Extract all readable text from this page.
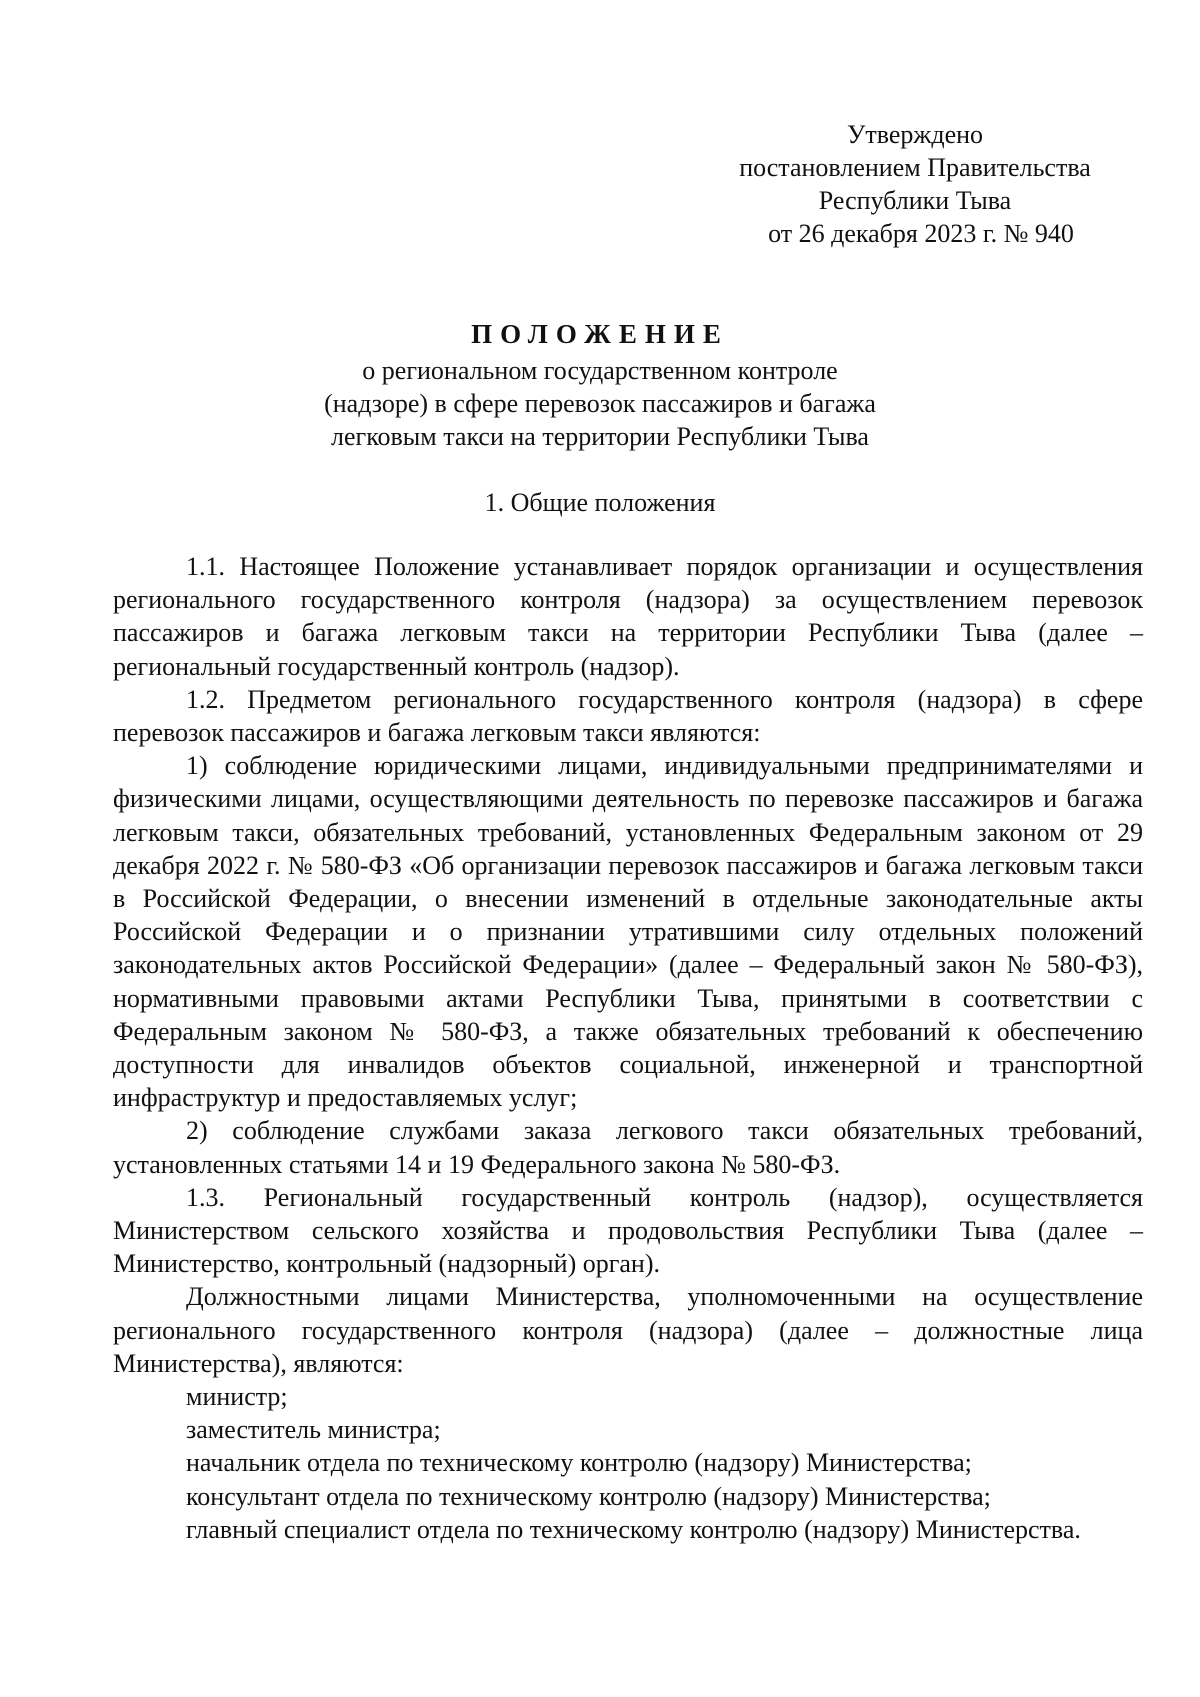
Утверждено
постановлением Правительства
Республики Тыва
от 26 декабря 2023 г. № 940
ПОЛОЖЕНИЕ
о региональном государственном контроле
(надзоре) в сфере перевозок пассажиров и багажа
легковым такси на территории Республики Тыва
1. Общие положения

1.1. Настоящее Положение устанавливает порядок организации и осуществления регионального государственного контроля (надзора) за осуществлением перевозок пассажиров и багажа легковым такси на территории Республики Тыва (далее – региональный государственный контроль (надзор).

1.2. Предметом регионального государственного контроля (надзора) в сфере перевозок пассажиров и багажа легковым такси являются:

1) соблюдение юридическими лицами, индивидуальными предпринимателями и физическими лицами, осуществляющими деятельность по перевозке пассажиров и багажа легковым такси, обязательных требований, установленных Федеральным законом от 29 декабря 2022 г. № 580-ФЗ «Об организации перевозок пассажиров и багажа легковым такси в Российской Федерации, о внесении изменений в отдельные законодательные акты Российской Федерации и о признании утратившими силу отдельных положений законодательных актов Российской Федерации» (далее – Федеральный закон № 580-ФЗ), нормативными правовыми актами Республики Тыва, принятыми в соответствии с Федеральным законом № 580-ФЗ, а также обязательных требований к обеспечению доступности для инвалидов объектов социальной, инженерной и транспортной инфраструктур и предоставляемых услуг;

2) соблюдение службами заказа легкового такси обязательных требований, установленных статьями 14 и 19 Федерального закона № 580-ФЗ.

1.3. Региональный государственный контроль (надзор), осуществляется Министерством сельского хозяйства и продовольствия Республики Тыва (далее – Министерство, контрольный (надзорный) орган).

Должностными лицами Министерства, уполномоченными на осуществление регионального государственного контроля (надзора) (далее – должностные лица Министерства), являются:

министр;

заместитель министра;

начальник отдела по техническому контролю (надзору) Министерства;

консультант отдела по техническому контролю (надзору) Министерства;

главный специалист отдела по техническому контролю (надзору) Министерства.
